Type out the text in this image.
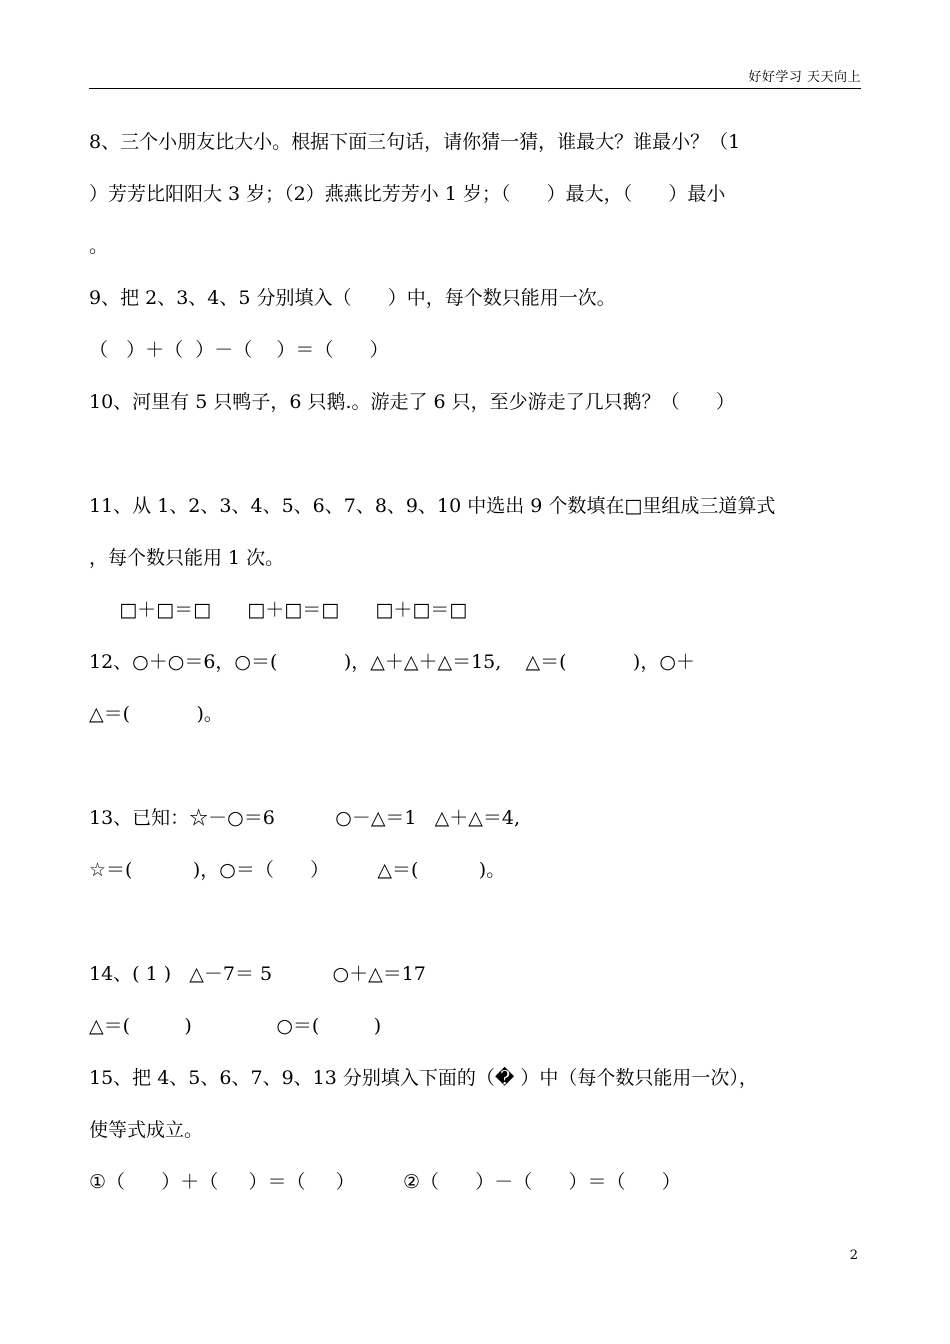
好好学习 天天向上
8、三个小朋友比大小。根据下面三句话，请你猜一猜，谁最大？谁最小？（1
）芳芳比阳阳大 3 岁；（2）燕燕比芳芳小 1 岁；（      ）最大，（      ）最小
。
9、把 2、3、4、5 分别填入（      ）中，每个数只能用一次。
（   ）＋（  ）－（    ）＝（      ）
10、河里有 5 只鸭子，6 只鹅.。游走了 6 只，至少游走了几只鹅？（      ）
11、从 1、2、3、4、5、6、7、8、9、10 中选出 9 个数填在□里组成三道算式
，每个数只能用 1 次。
□＋□＝□      □＋□＝□      □＋□＝□
12、○＋○＝6，○＝(           )，△＋△＋△＝15,    △＝(           )，○＋
△＝(           )。
13、已知：☆－○＝6          ○－△＝1   △＋△＝4,
☆＝(          )，○＝（      ）        △＝(          )。
14、( 1 )   △－7＝ 5          ○＋△＝17
△＝(         )              ○＝(         )
15、把 4、5、6、7、9、13 分别填入下面的（� ）中（每个数只能用一次），
使等式成立。
①（      ）＋（     ）＝（     ）        ②（      ）－（      ）＝（      ）
2
